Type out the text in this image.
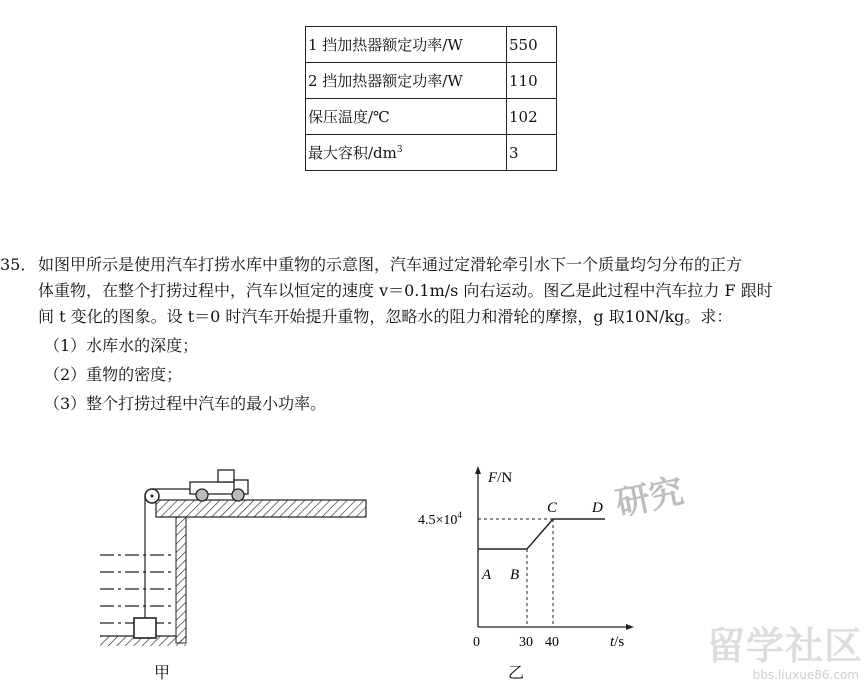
1 挡加热器额定功率/W	550
2 挡加热器额定功率/W	110
保压温度/℃	102
最大容积$/dm^3$	3
35． 如图甲所示是使用汽车打捞水库中重物的示意图，汽车通过定滑轮牵引水下一个质量均匀分布的正方
体重物，在整个打捞过程中，汽车以恒定的速度 v＝0.1m/s 向右运动。图乙是此过程中汽车拉力 F 跟时
间 t 变化的图象。设 t＝0 时汽车开始提升重物，忽略水的阻力和滑轮的摩擦，g 取10N/kg。求：
（1）水库水的深度；
（2）重物的密度；
（3）整个打捞过程中汽车的最小功率。
甲
F/N
$4.5\times 10^4$
A B
C D
0	30 40	t/s
乙
研究
留学社区
bbs.liuxue86.com
